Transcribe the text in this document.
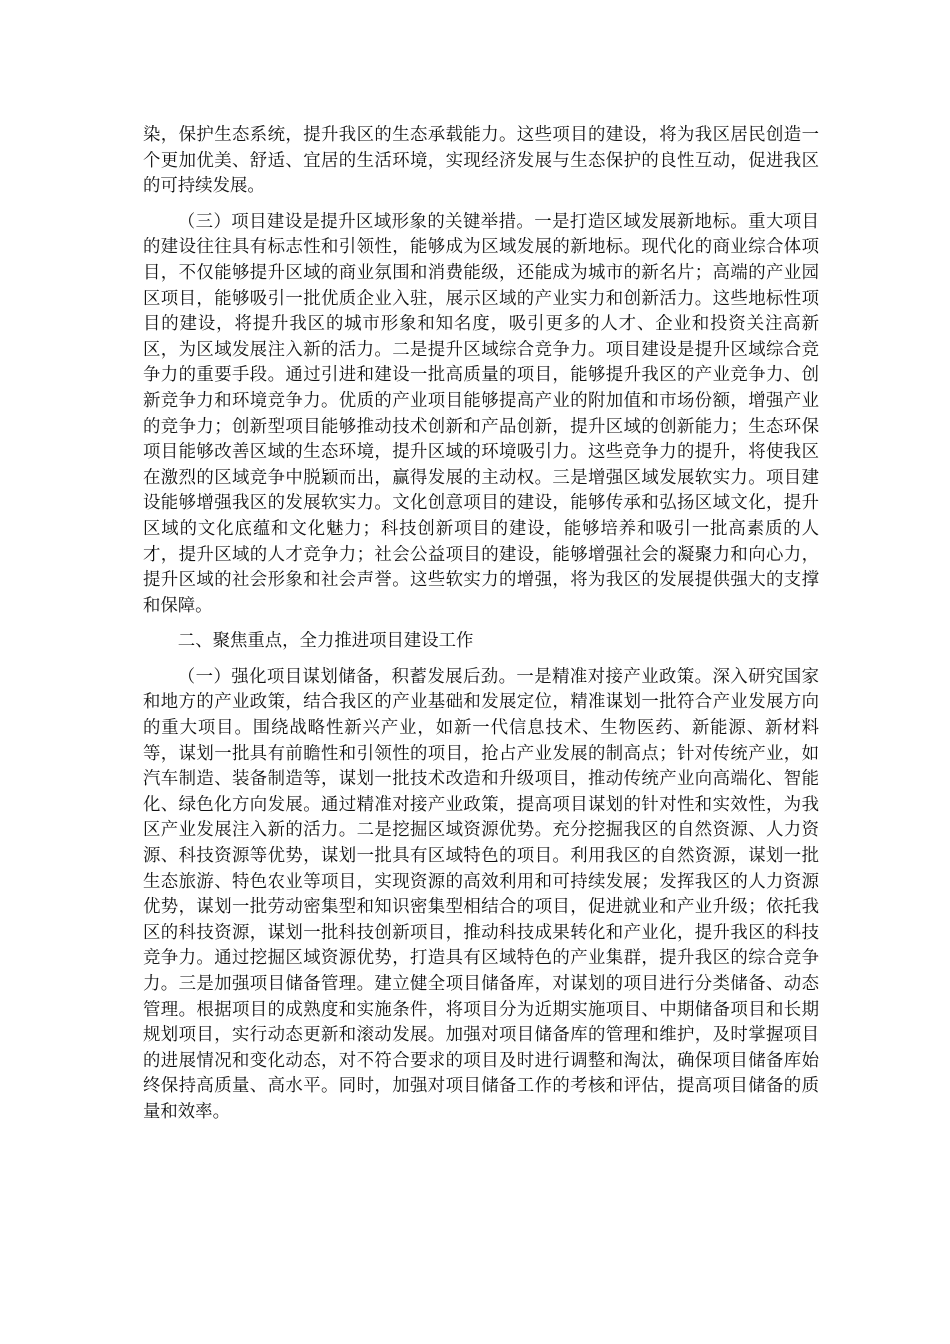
染，保护生态系统，提升我区的生态承载能力。这些项目的建设，将为我区居民创造一个更加优美、舒适、宜居的生活环境，实现经济发展与生态保护的良性互动，促进我区的可持续发展。

（三）项目建设是提升区域形象的关键举措。一是打造区域发展新地标。重大项目的建设往往具有标志性和引领性，能够成为区域发展的新地标。现代化的商业综合体项目，不仅能够提升区域的商业氛围和消费能级，还能成为城市的新名片；高端的产业园区项目，能够吸引一批优质企业入驻，展示区域的产业实力和创新活力。这些地标性项目的建设，将提升我区的城市形象和知名度，吸引更多的人才、企业和投资关注高新区，为区域发展注入新的活力。二是提升区域综合竞争力。项目建设是提升区域综合竞争力的重要手段。通过引进和建设一批高质量的项目，能够提升我区的产业竞争力、创新竞争力和环境竞争力。优质的产业项目能够提高产业的附加值和市场份额，增强产业的竞争力；创新型项目能够推动技术创新和产品创新，提升区域的创新能力；生态环保项目能够改善区域的生态环境，提升区域的环境吸引力。这些竞争力的提升，将使我区在激烈的区域竞争中脱颖而出，赢得发展的主动权。三是增强区域发展软实力。项目建设能够增强我区的发展软实力。文化创意项目的建设，能够传承和弘扬区域文化，提升区域的文化底蕴和文化魅力；科技创新项目的建设，能够培养和吸引一批高素质的人才，提升区域的人才竞争力；社会公益项目的建设，能够增强社会的凝聚力和向心力，提升区域的社会形象和社会声誉。这些软实力的增强，将为我区的发展提供强大的支撑和保障。

二、聚焦重点，全力推进项目建设工作

（一）强化项目谋划储备，积蓄发展后劲。一是精准对接产业政策。深入研究国家和地方的产业政策，结合我区的产业基础和发展定位，精准谋划一批符合产业发展方向的重大项目。围绕战略性新兴产业，如新一代信息技术、生物医药、新能源、新材料等，谋划一批具有前瞻性和引领性的项目，抢占产业发展的制高点；针对传统产业，如汽车制造、装备制造等，谋划一批技术改造和升级项目，推动传统产业向高端化、智能化、绿色化方向发展。通过精准对接产业政策，提高项目谋划的针对性和实效性，为我区产业发展注入新的活力。二是挖掘区域资源优势。充分挖掘我区的自然资源、人力资源、科技资源等优势，谋划一批具有区域特色的项目。利用我区的自然资源，谋划一批生态旅游、特色农业等项目，实现资源的高效利用和可持续发展；发挥我区的人力资源优势，谋划一批劳动密集型和知识密集型相结合的项目，促进就业和产业升级；依托我区的科技资源，谋划一批科技创新项目，推动科技成果转化和产业化，提升我区的科技竞争力。通过挖掘区域资源优势，打造具有区域特色的产业集群，提升我区的综合竞争力。三是加强项目储备管理。建立健全项目储备库，对谋划的项目进行分类储备、动态管理。根据项目的成熟度和实施条件，将项目分为近期实施项目、中期储备项目和长期规划项目，实行动态更新和滚动发展。加强对项目储备库的管理和维护，及时掌握项目的进展情况和变化动态，对不符合要求的项目及时进行调整和淘汰，确保项目储备库始终保持高质量、高水平。同时，加强对项目储备工作的考核和评估，提高项目储备的质量和效率。
